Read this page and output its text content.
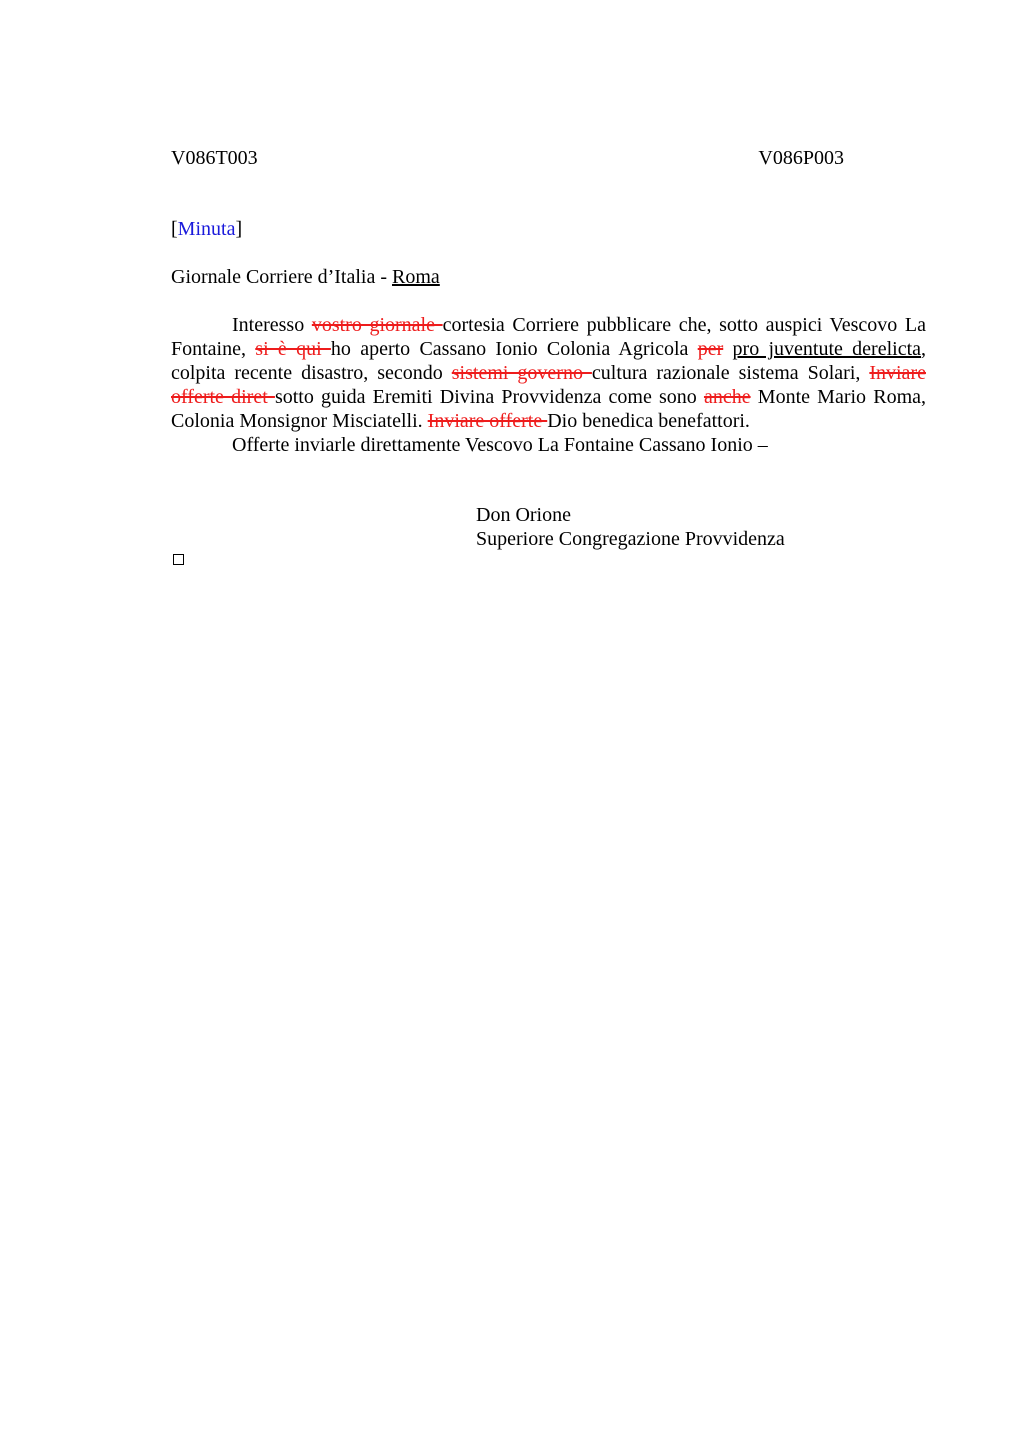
V086T003	V086P003
[Minuta]
Giornale Corriere d’Italia - Roma

Interesso vostro giornale cortesia Corriere pubblicare che, sotto auspici Vescovo La Fontaine, si è qui ho aperto Cassano Ionio Colonia Agricola per pro juventute derelicta, colpita recente disastro, secondo sistemi governo cultura razionale sistema Solari, Inviare offerte diret sotto guida Eremiti Divina Provvidenza come sono anche Monte Mario Roma, Colonia Monsignor Misciatelli. Inviare offerte Dio benedica benefattori.

Offerte inviarle direttamente Vescovo La Fontaine Cassano Ionio –

Don Orione
Superiore Congregazione Provvidenza
